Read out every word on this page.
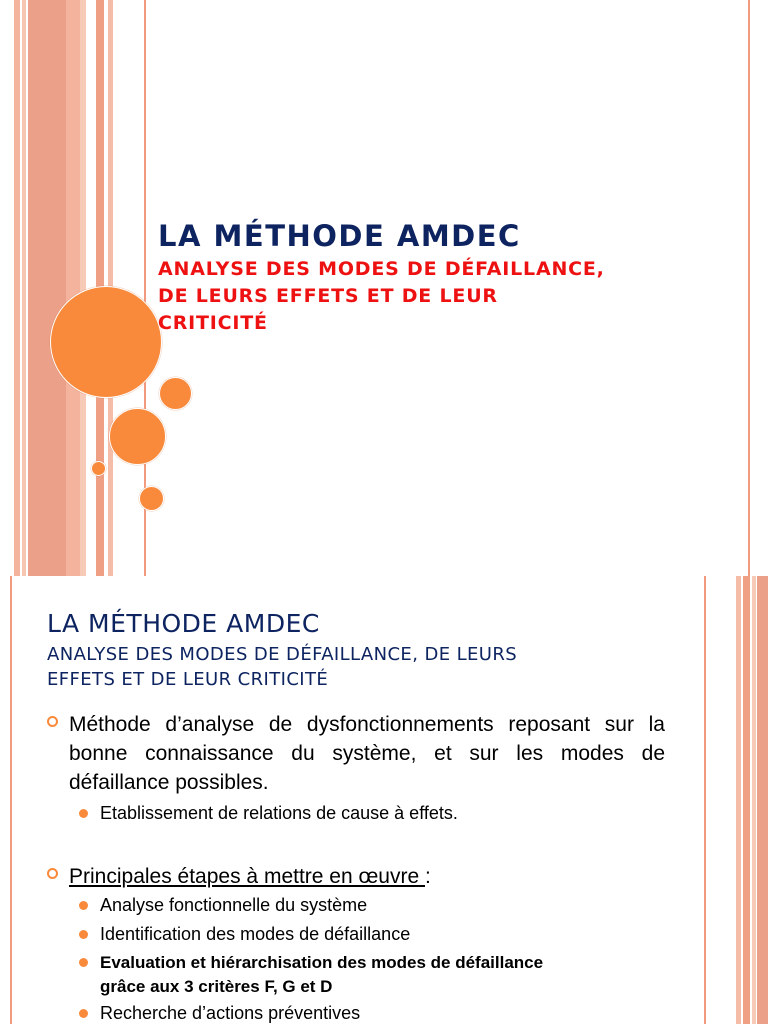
LA MÉTHODE AMDEC

ANALYSE DES MODES DE DÉFAILLANCE,
DE LEURS EFFETS ET DE LEUR
CRITICITÉ

LA MÉTHODE AMDEC

ANALYSE DES MODES DE DÉFAILLANCE, DE LEURS
EFFETS ET DE LEUR CRITICITÉ

Méthode d’analyse de dysfonctionnements reposant sur la bonne connaissance du système, et sur les modes de défaillance possibles.

Etablissement de relations de cause à effets.

Principales étapes à mettre en œuvre :

Analyse fonctionnelle du système

Identification des modes de défaillance

Evaluation et hiérarchisation des modes de défaillance
grâce aux 3 critères F, G et D

Recherche d’actions préventives
